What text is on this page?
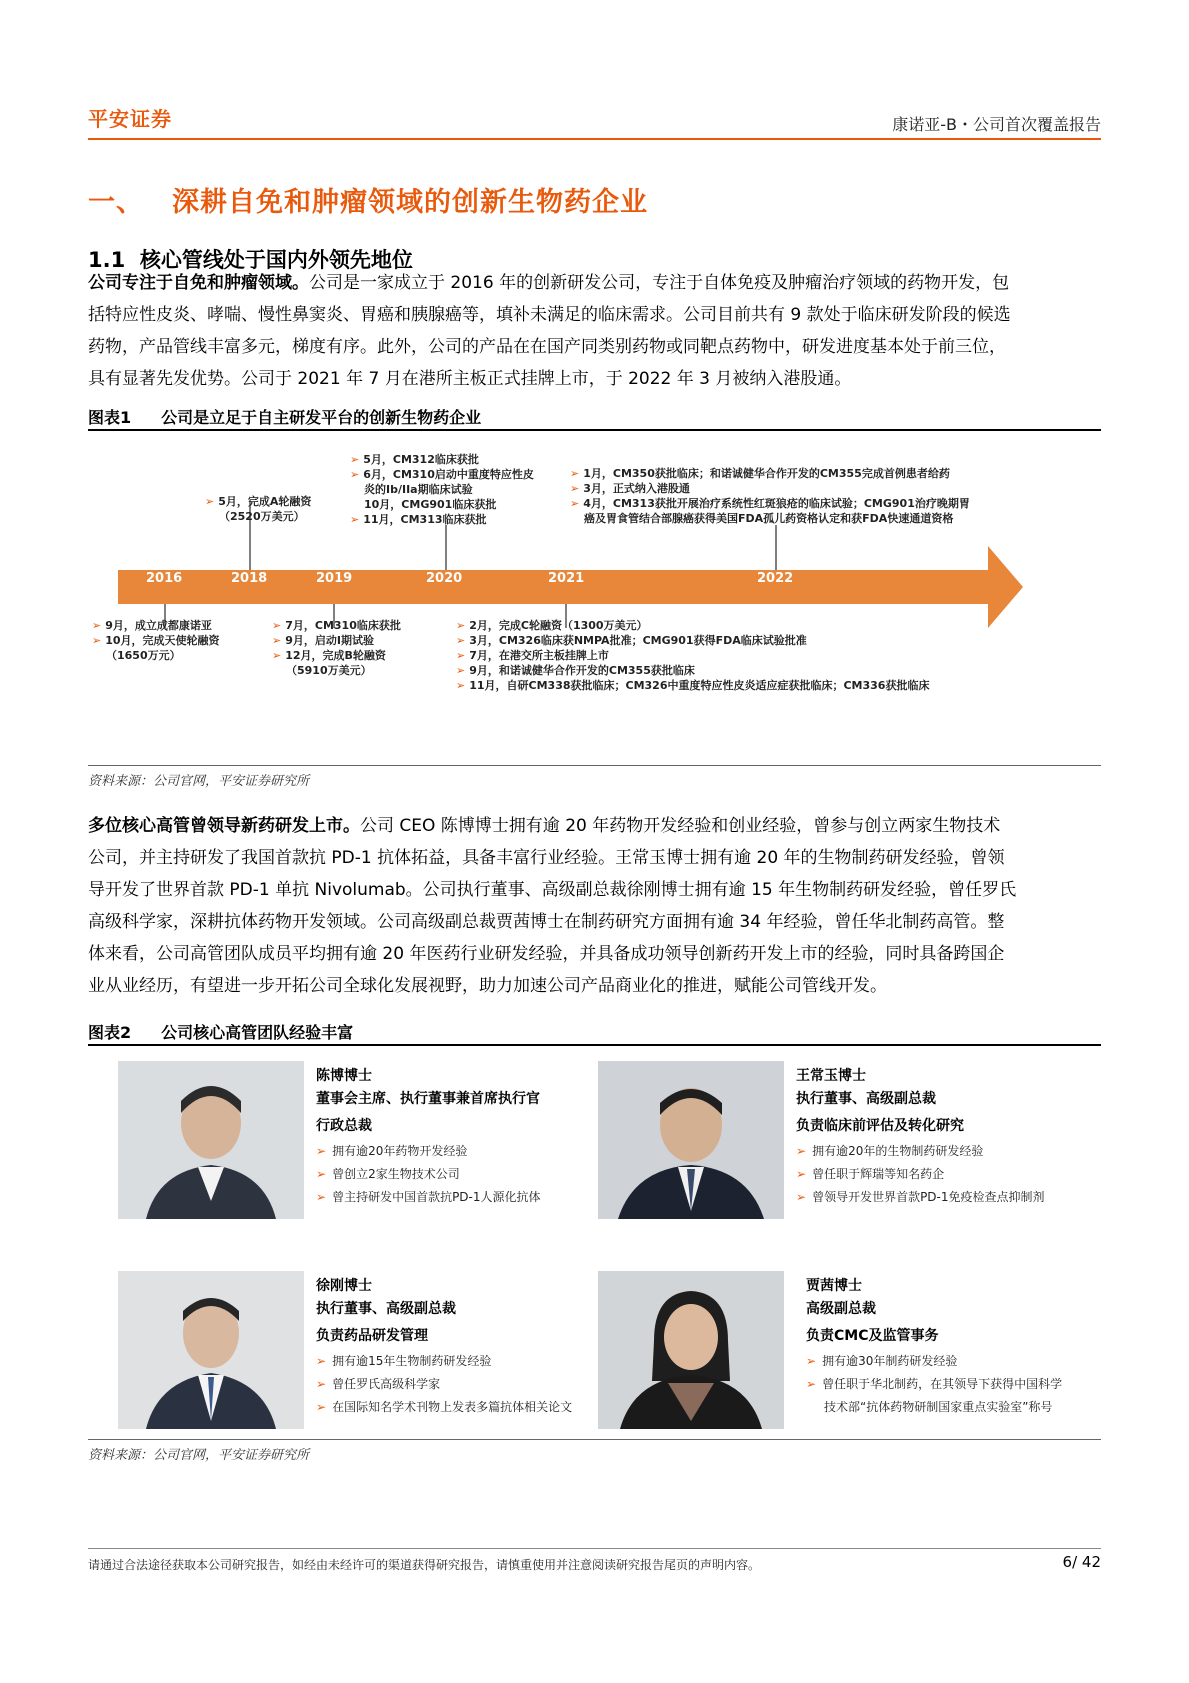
平安证券	康诺亚-B・公司首次覆盖报告
一、 深耕自免和肿瘤领域的创新生物药企业
1.1 核心管线处于国内外领先地位
公司专注于自免和肿瘤领域。公司是一家成立于 2016 年的创新研发公司，专注于自体免疫及肿瘤治疗领域的药物开发，包
括特应性皮炎、哮喘、慢性鼻窦炎、胃癌和胰腺癌等，填补未满足的临床需求。公司目前共有 9 款处于临床研发阶段的候选
药物，产品管线丰富多元，梯度有序。此外，公司的产品在在国产同类别药物或同靶点药物中，研发进度基本处于前三位，
具有显著先发优势。公司于 2021 年 7 月在港所主板正式挂牌上市，于 2022 年 3 月被纳入港股通。
图表1 公司是立足于自主研发平台的创新生物药企业
2016	2018	2019	2020	2021	2022
➢ 5月，完成A轮融资
（2520万美元）
➢ 5月，CM312临床获批
➢ 6月，CM310启动中重度特应性皮
炎的Ib/IIa期临床试验
10月，CMG901临床获批
➢ 11月，CM313临床获批
➢ 1月，CM350获批临床；和诺诚健华合作开发的CM355完成首例患者给药
➢ 3月，正式纳入港股通
➢ 4月，CM313获批开展治疗系统性红斑狼疮的临床试验；CMG901治疗晚期胃
癌及胃食管结合部腺癌获得美国FDA孤儿药资格认定和获FDA快速通道资格
➢ 9月，成立成都康诺亚
➢ 10月，完成天使轮融资
（1650万元）
➢ 7月，CM310临床获批
➢ 9月，启动I期试验
➢ 12月，完成B轮融资
（5910万美元）
➢ 2月，完成C轮融资（1300万美元）
➢ 3月，CM326临床获NMPA批准；CMG901获得FDA临床试验批准
➢ 7月，在港交所主板挂牌上市
➢ 9月，和诺诚健华合作开发的CM355获批临床
➢ 11月，自研CM338获批临床；CM326中重度特应性皮炎适应症获批临床；CM336获批临床
资料来源：公司官网，平安证券研究所
多位核心高管曾领导新药研发上市。公司 CEO 陈博博士拥有逾 20 年药物开发经验和创业经验，曾参与创立两家生物技术
公司，并主持研发了我国首款抗 PD-1 抗体拓益，具备丰富行业经验。王常玉博士拥有逾 20 年的生物制药研发经验，曾领
导开发了世界首款 PD-1 单抗 Nivolumab。公司执行董事、高级副总裁徐刚博士拥有逾 15 年生物制药研发经验，曾任罗氏
高级科学家，深耕抗体药物开发领域。公司高级副总裁贾茜博士在制药研究方面拥有逾 34 年经验，曾任华北制药高管。整
体来看，公司高管团队成员平均拥有逾 20 年医药行业研发经验，并具备成功领导创新药开发上市的经验，同时具备跨国企
业从业经历，有望进一步开拓公司全球化发展视野，助力加速公司产品商业化的推进，赋能公司管线开发。
图表2 公司核心高管团队经验丰富
陈博博士
董事会主席、执行董事兼首席执行官
行政总裁
➢ 拥有逾20年药物开发经验
➢ 曾创立2家生物技术公司
➢ 曾主持研发中国首款抗PD-1人源化抗体
王常玉博士
执行董事、高级副总裁
负责临床前评估及转化研究
➢ 拥有逾20年的生物制药研发经验
➢ 曾任职于辉瑞等知名药企
➢ 曾领导开发世界首款PD-1免疫检查点抑制剂
徐刚博士
执行董事、高级副总裁
负责药品研发管理
➢ 拥有逾15年生物制药研发经验
➢ 曾任罗氏高级科学家
➢ 在国际知名学术刊物上发表多篇抗体相关论文
贾茜博士
高级副总裁
负责CMC及监管事务
➢ 拥有逾30年制药研发经验
➢ 曾任职于华北制药，在其领导下获得中国科学
技术部“抗体药物研制国家重点实验室”称号
资料来源：公司官网，平安证券研究所
请通过合法途径获取本公司研究报告，如经由未经许可的渠道获得研究报告，请慎重使用并注意阅读研究报告尾页的声明内容。	6/ 42
